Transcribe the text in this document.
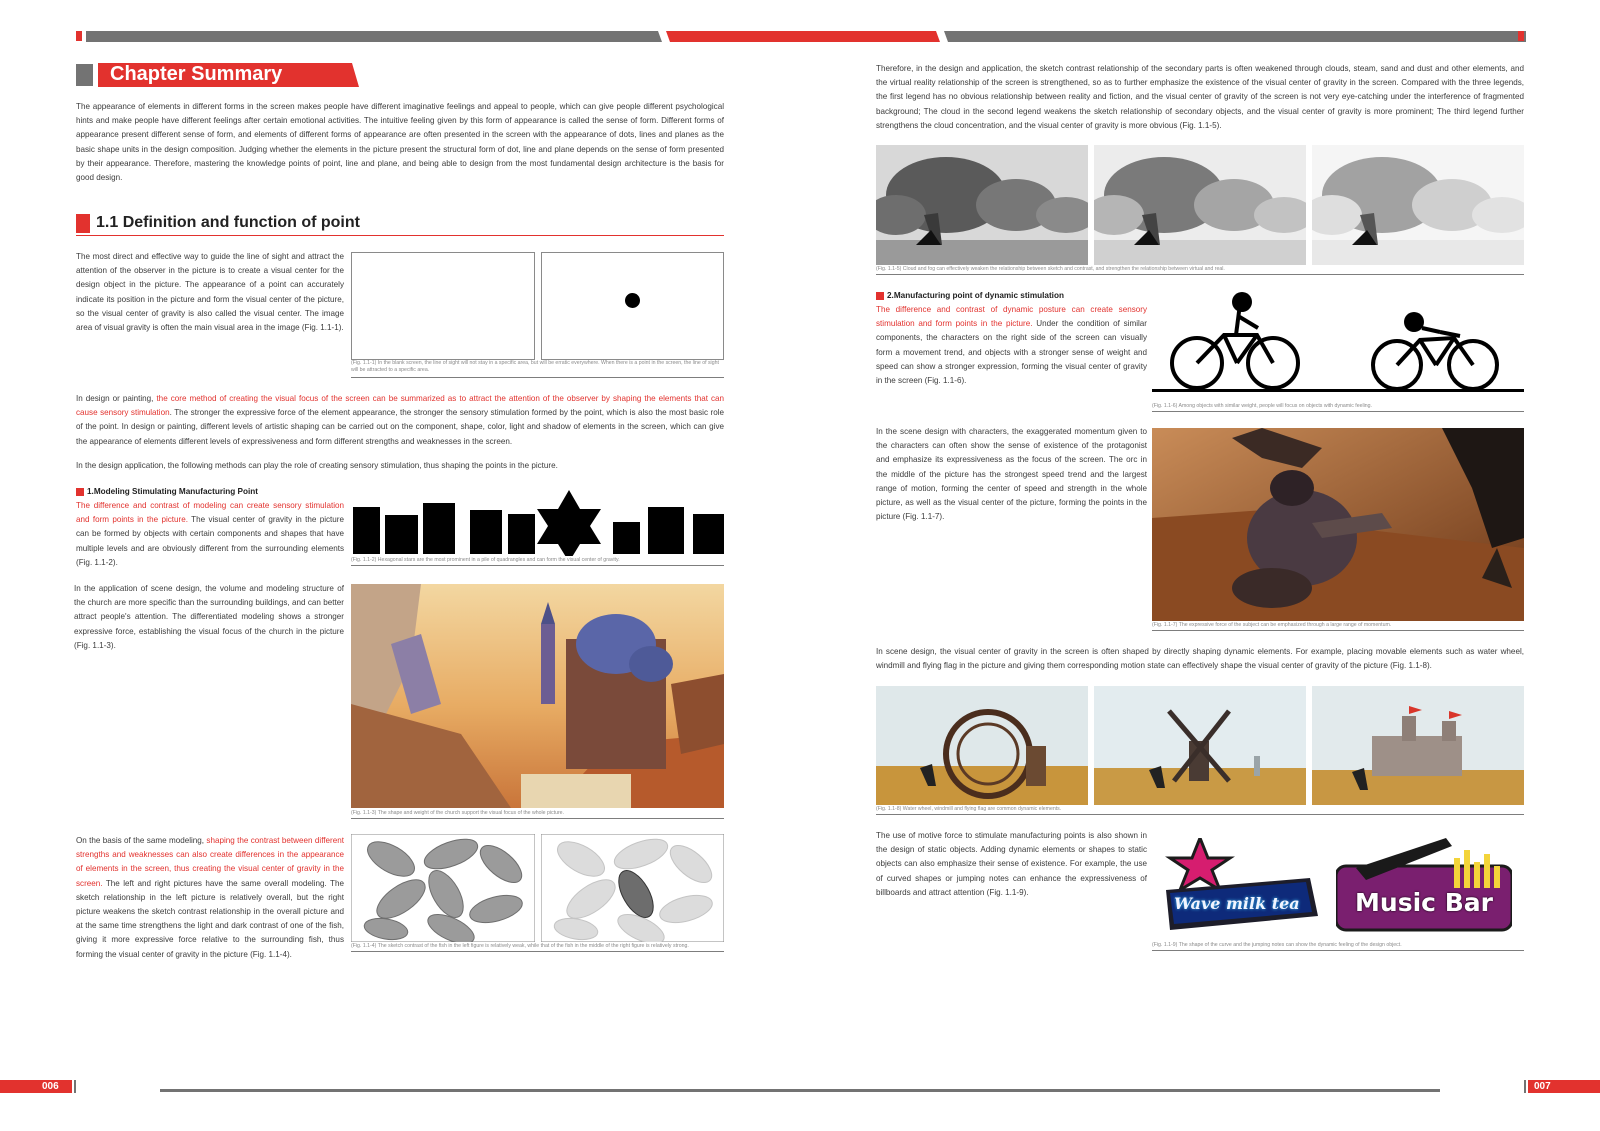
Chapter Summary
The appearance of elements in different forms in the screen makes people have different imaginative feelings and appeal to people, which can give people different psychological hints and make people have different feelings after certain emotional activities. The intuitive feeling given by this form of appearance is called the sense of form. Different forms of appearance present different sense of form, and elements of different forms of appearance are often presented in the screen with the appearance of dots, lines and planes as the basic shape units in the design composition. Judging whether the elements in the picture present the structural form of dot, line and plane depends on the sense of form presented by their appearance. Therefore, mastering the knowledge points of point, line and plane, and being able to design from the most fundamental design architecture is the basis for good design.
1.1 Definition and function of point
The most direct and effective way to guide the line of sight and attract the attention of the observer in the picture is to create a visual center for the design object in the picture. The appearance of a point can accurately indicate its position in the picture and form the visual center of the picture, so the visual center of gravity is also called the visual center. The image area of visual gravity is often the main visual area in the image (Fig. 1.1-1).
(Fig. 1.1-1) In the blank screen, the line of sight will not stay in a specific area, but will be erratic everywhere. When there is a point in the screen, the line of sight will be attracted to a specific area.
In design or painting, the core method of creating the visual focus of the screen can be summarized as to attract the attention of the observer by shaping the elements that can cause sensory stimulation. The stronger the expressive force of the element appearance, the stronger the sensory stimulation formed by the point, which is also the most basic role of the point. In design or painting, different levels of artistic shaping can be carried out on the component, shape, color, light and shadow of elements in the screen, which can give the appearance of elements different levels of expressiveness and form different strengths and weaknesses in the screen.
In the design application, the following methods can play the role of creating sensory stimulation, thus shaping the points in the picture.
1.Modeling Stimulating Manufacturing Point
The difference and contrast of modeling can create sensory stimulation and form points in the picture. The visual center of gravity in the picture can be formed by objects with certain components and shapes that have multiple levels and are obviously different from the surrounding elements (Fig. 1.1-2).	(Fig. 1.1-2) Hexagonal stars are the most prominent in a pile of quadrangles and can form the visual center of gravity.
In the application of scene design, the volume and modeling structure of the church are more specific than the surrounding buildings, and can better attract people's attention. The differentiated modeling shows a stronger expressive force, establishing the visual focus of the church in the picture (Fig. 1.1-3).
(Fig. 1.1-3) The shape and weight of the church support the visual focus of the whole picture.
On the basis of the same modeling, shaping the contrast between different strengths and weaknesses can also create differences in the appearance of elements in the screen, thus creating the visual center of gravity in the screen. The left and right pictures have the same overall modeling. The sketch relationship in the left picture is relatively overall, but the right picture weakens the sketch contrast relationship in the overall picture and at the same time strengthens the light and dark contrast of one of the fish, giving it more expressive force relative to the surrounding fish, thus forming the visual center of gravity in the picture (Fig. 1.1-4).
(Fig. 1.1-4) The sketch contrast of the fish in the left figure is relatively weak, while that of the fish in the middle of the right figure is relatively strong.
006
Therefore, in the design and application, the sketch contrast relationship of the secondary parts is often weakened through clouds, steam, sand and dust and other elements, and the virtual reality relationship of the screen is strengthened, so as to further emphasize the existence of the visual center of gravity in the screen. Compared with the three legends, the first legend has no obvious relationship between reality and fiction, and the visual center of gravity of the screen is not very eye-catching under the interference of fragmented background; The cloud in the second legend weakens the sketch relationship of secondary objects, and the visual center of gravity is more prominent; The third legend further strengthens the cloud concentration, and the visual center of gravity is more obvious (Fig. 1.1-5).
(Fig. 1.1-5) Cloud and fog can effectively weaken the relationship between sketch and contrast, and strengthen the relationship between virtual and real.
2.Manufacturing point of dynamic stimulation
The difference and contrast of dynamic posture can create sensory stimulation and form points in the picture. Under the condition of similar components, the characters on the right side of the screen can visually form a movement trend, and objects with a stronger sense of weight and speed can show a stronger expression, forming the visual center of gravity in the screen (Fig. 1.1-6).
(Fig. 1.1-6) Among objects with similar weight, people will focus on objects with dynamic feeling.
In the scene design with characters, the exaggerated momentum given to the characters can often show the sense of existence of the protagonist and emphasize its expressiveness as the focus of the screen. The orc in the middle of the picture has the strongest speed trend and the largest range of motion, forming the center of speed and strength in the whole picture, as well as the visual center of the picture, forming the points in the picture (Fig. 1.1-7).
(Fig. 1.1-7) The expressive force of the subject can be emphasized through a large range of momentum.
In scene design, the visual center of gravity in the screen is often shaped by directly shaping dynamic elements. For example, placing movable elements such as water wheel, windmill and flying flag in the picture and giving them corresponding motion state can effectively shape the visual center of gravity of the picture (Fig. 1.1-8).
(Fig. 1.1-8) Water wheel, windmill and flying flag are common dynamic elements.
The use of motive force to stimulate manufacturing points is also shown in the design of static objects. Adding dynamic elements or shapes to static objects can also emphasize their sense of existence. For example, the use of curved shapes or jumping notes can enhance the expressiveness of billboards and attract attention (Fig. 1.1-9).
Wave milk tea	Music Bar
(Fig. 1.1-9) The shape of the curve and the jumping notes can show the dynamic feeling of the design object.
007
